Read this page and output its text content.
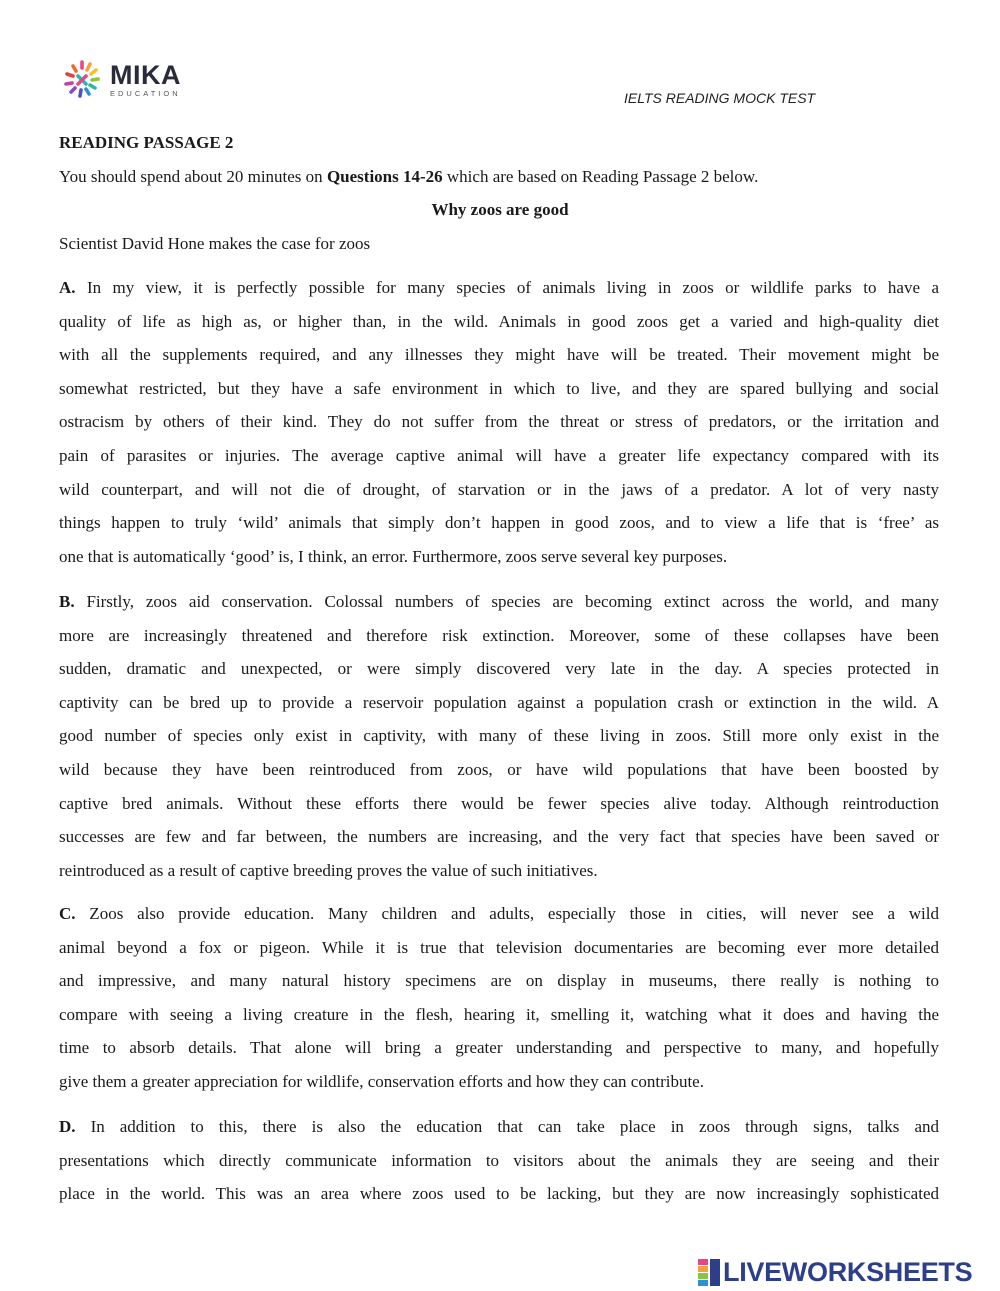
MIKA
EDUCATION	IELTS READING MOCK TEST
READING PASSAGE 2
You should spend about 20 minutes on Questions 14-26 which are based on Reading Passage 2 below.
Why zoos are good
Scientist David Hone makes the case for zoos
A. In my view, it is perfectly possible for many species of animals living in zoos or wildlife parks to have a
quality of life as high as, or higher than, in the wild. Animals in good zoos get a varied and high-quality diet
with all the supplements required, and any illnesses they might have will be treated. Their movement might be
somewhat restricted, but they have a safe environment in which to live, and they are spared bullying and social
ostracism by others of their kind. They do not suffer from the threat or stress of predators, or the irritation and
pain of parasites or injuries. The average captive animal will have a greater life expectancy compared with its
wild counterpart, and will not die of drought, of starvation or in the jaws of a predator. A lot of very nasty
things happen to truly ‘wild’ animals that simply don’t happen in good zoos, and to view a life that is ‘free’ as
one that is automatically ‘good’ is, I think, an error. Furthermore, zoos serve several key purposes.
B. Firstly, zoos aid conservation. Colossal numbers of species are becoming extinct across the world, and many
more are increasingly threatened and therefore risk extinction. Moreover, some of these collapses have been
sudden, dramatic and unexpected, or were simply discovered very late in the day. A species protected in
captivity can be bred up to provide a reservoir population against a population crash or extinction in the wild. A
good number of species only exist in captivity, with many of these living in zoos. Still more only exist in the
wild because they have been reintroduced from zoos, or have wild populations that have been boosted by
captive bred animals. Without these efforts there would be fewer species alive today. Although reintroduction
successes are few and far between, the numbers are increasing, and the very fact that species have been saved or
reintroduced as a result of captive breeding proves the value of such initiatives.
C. Zoos also provide education. Many children and adults, especially those in cities, will never see a wild
animal beyond a fox or pigeon. While it is true that television documentaries are becoming ever more detailed
and impressive, and many natural history specimens are on display in museums, there really is nothing to
compare with seeing a living creature in the flesh, hearing it, smelling it, watching what it does and having the
time to absorb details. That alone will bring a greater understanding and perspective to many, and hopefully
give them a greater appreciation for wildlife, conservation efforts and how they can contribute.
D. In addition to this, there is also the education that can take place in zoos through signs, talks and
presentations which directly communicate information to visitors about the animals they are seeing and their
place in the world. This was an area where zoos used to be lacking, but they are now increasingly sophisticated
LIVEWORKSHEETS
